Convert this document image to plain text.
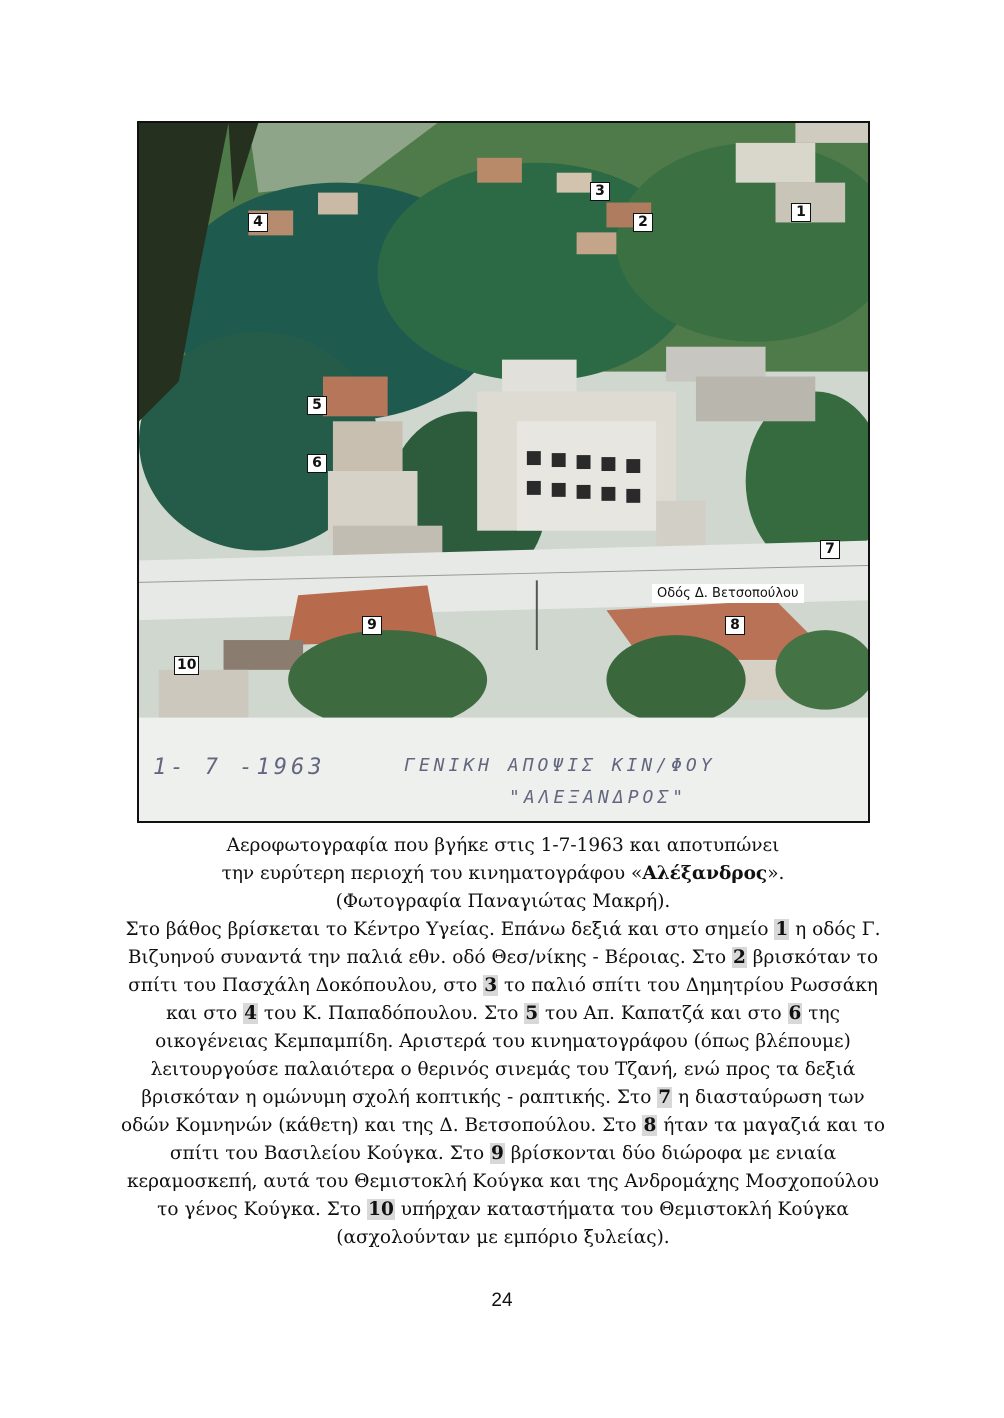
1
2
3
4
5
6
7
8
9
10
Οδός Δ. Βετσοπούλου
1- 7 -1963	ΓΕΝΙΚΗ ΑΠΟΨΙΣ ΚΙΝ/ΦΟΥ
"ΑΛΕΞΑΝΔΡΟΣ"

Αεροφωτογραφία που βγήκε στις 1-7-1963 και αποτυπώνει

την ευρύτερη περιοχή του κινηματογράφου «Αλέξανδρος».

(Φωτογραφία Παναγιώτας Μακρή).

Στο βάθος βρίσκεται το Κέντρο Υγείας. Επάνω δεξιά και στο σημείο 1 η οδός Γ. Βιζυηνού συναντά την παλιά εθν. οδό Θεσ/νίκης - Βέροιας. Στο 2 βρισκόταν το σπίτι του Πασχάλη Δοκόπουλου, στο 3 το παλιό σπίτι του Δημητρίου Ρωσσάκη και στο 4 του Κ. Παπαδόπουλου. Στο 5 του Απ. Καπατζά και στο 6 της οικογένειας Κεμπαμπίδη. Αριστερά του κινηματογράφου (όπως βλέπουμε) λειτουργούσε παλαιότερα ο θερινός σινεμάς του Τζανή, ενώ προς τα δεξιά βρισκόταν η ομώνυμη σχολή κοπτικής - ραπτικής. Στο 7 η διασταύρωση των οδών Κομνηνών (κάθετη) και της Δ. Βετσοπούλου. Στο 8 ήταν τα μαγαζιά και το σπίτι του Βασιλείου Κούγκα. Στο 9 βρίσκονται δύο διώροφα με ενιαία κεραμοσκεπή, αυτά του Θεμιστοκλή Κούγκα και της Ανδρομάχης Μοσχοπούλου το γένος Κούγκα. Στο 10 υπήρχαν καταστήματα του Θεμιστοκλή Κούγκα (ασχολούνταν με εμπόριο ξυλείας).

24
